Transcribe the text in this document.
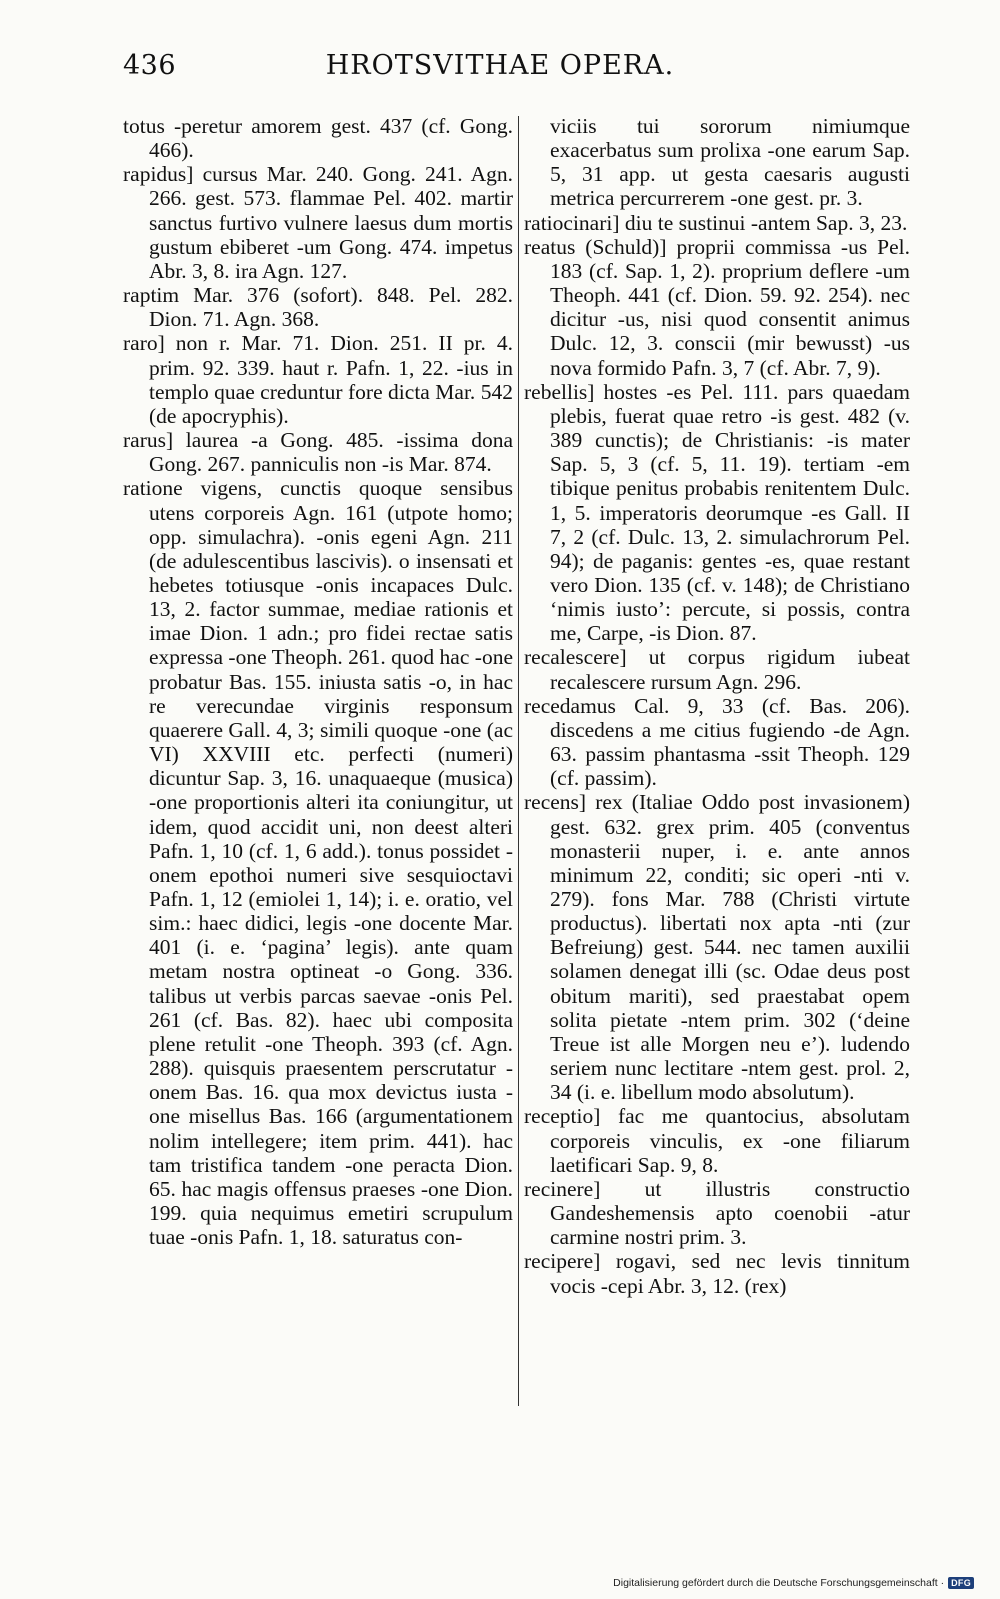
436	HROTSVITHAE OPERA.

totus -peretur amorem gest. 437 (cf. Gong. 466).

rapidus] cursus Mar. 240. Gong. 241. Agn. 266. gest. 573. flammae Pel. 402. martir sanctus furtivo vulnere laesus dum mortis gustum ebiberet -um Gong. 474. impetus Abr. 3, 8. ira Agn. 127.

raptim Mar. 376 (sofort). 848. Pel. 282. Dion. 71. Agn. 368.

raro] non r. Mar. 71. Dion. 251. II pr. 4. prim. 92. 339. haut r. Pafn. 1, 22. -ius in templo quae creduntur fore dicta Mar. 542 (de apocryphis).

rarus] laurea -a Gong. 485. -issima dona Gong. 267. panniculis non -is Mar. 874.

ratione vigens, cunctis quoque sensibus utens corporeis Agn. 161 (utpote homo; opp. simulachra). -onis egeni Agn. 211 (de adulescentibus lascivis). o insensati et hebetes totiusque -onis incapaces Dulc. 13, 2. factor summae, mediae rationis et imae Dion. 1 adn.; pro fidei rectae satis expressa -one Theoph. 261. quod hac -one probatur Bas. 155. iniusta satis -o, in hac re verecundae virginis responsum quaerere Gall. 4, 3; simili quoque -one (ac VI) XXVIII etc. perfecti (numeri) dicuntur Sap. 3, 16. unaquaeque (musica) -one proportionis alteri ita coniungitur, ut idem, quod accidit uni, non deest alteri Pafn. 1, 10 (cf. 1, 6 add.). tonus possidet -onem epothoi numeri sive sesquioctavi Pafn. 1, 12 (emiolei 1, 14); i. e. oratio, vel sim.: haec didici, legis -one docente Mar. 401 (i. e. ‘pagina’ legis). ante quam metam nostra optineat -o Gong. 336. talibus ut verbis parcas saevae -onis Pel. 261 (cf. Bas. 82). haec ubi composita plene retulit -one Theoph. 393 (cf. Agn. 288). quisquis praesentem perscrutatur -onem Bas. 16. qua mox devictus iusta -one misellus Bas. 166 (argumentationem nolim intellegere; item prim. 441). hac tam tristifica tandem -one peracta Dion. 65. hac magis offensus praeses -one Dion. 199. quia nequimus emetiri scrupulum tuae -onis Pafn. 1, 18. saturatus con-

viciis tui sororum nimiumque exacerbatus sum prolixa -one earum Sap. 5, 31 app. ut gesta caesaris augusti metrica percurrerem -one gest. pr. 3.

ratiocinari] diu te sustinui -antem Sap. 3, 23.

reatus (Schuld)] proprii commissa -us Pel. 183 (cf. Sap. 1, 2). proprium deflere -um Theoph. 441 (cf. Dion. 59. 92. 254). nec dicitur -us, nisi quod consentit animus Dulc. 12, 3. conscii (mir bewusst) -us nova formido Pafn. 3, 7 (cf. Abr. 7, 9).

rebellis] hostes -es Pel. 111. pars quaedam plebis, fuerat quae retro -is gest. 482 (v. 389 cunctis); de Christianis: -is mater Sap. 5, 3 (cf. 5, 11. 19). tertiam -em tibique penitus probabis renitentem Dulc. 1, 5. imperatoris deorumque -es Gall. II 7, 2 (cf. Dulc. 13, 2. simulachrorum Pel. 94); de paganis: gentes -es, quae restant vero Dion. 135 (cf. v. 148); de Christiano ‘nimis iusto’: percute, si possis, contra me, Carpe, -is Dion. 87.

recalescere] ut corpus rigidum iubeat recalescere rursum Agn. 296.

recedamus Cal. 9, 33 (cf. Bas. 206). discedens a me citius fugiendo -de Agn. 63. passim phantasma -ssit Theoph. 129 (cf. passim).

recens] rex (Italiae Oddo post invasionem) gest. 632. grex prim. 405 (conventus monasterii nuper, i. e. ante annos minimum 22, conditi; sic operi -nti v. 279). fons Mar. 788 (Christi virtute productus). libertati nox apta -nti (zur Befreiung) gest. 544. nec tamen auxilii solamen denegat illi (sc. Odae deus post obitum mariti), sed praestabat opem solita pietate -ntem prim. 302 (‘deine Treue ist alle Morgen neu e’). ludendo seriem nunc lectitare -ntem gest. prol. 2, 34 (i. e. libellum modo absolutum).

receptio] fac me quantocius, absolutam corporeis vinculis, ex -one filiarum laetificari Sap. 9, 8.

recinere] ut illustris constructio Gandeshemensis apto coenobii -atur carmine nostri prim. 3.

recipere] rogavi, sed nec levis tinnitum vocis -cepi Abr. 3, 12. (rex)

Digitalisierung gefördert durch die Deutsche Forschungsgemeinschaft · DFG
